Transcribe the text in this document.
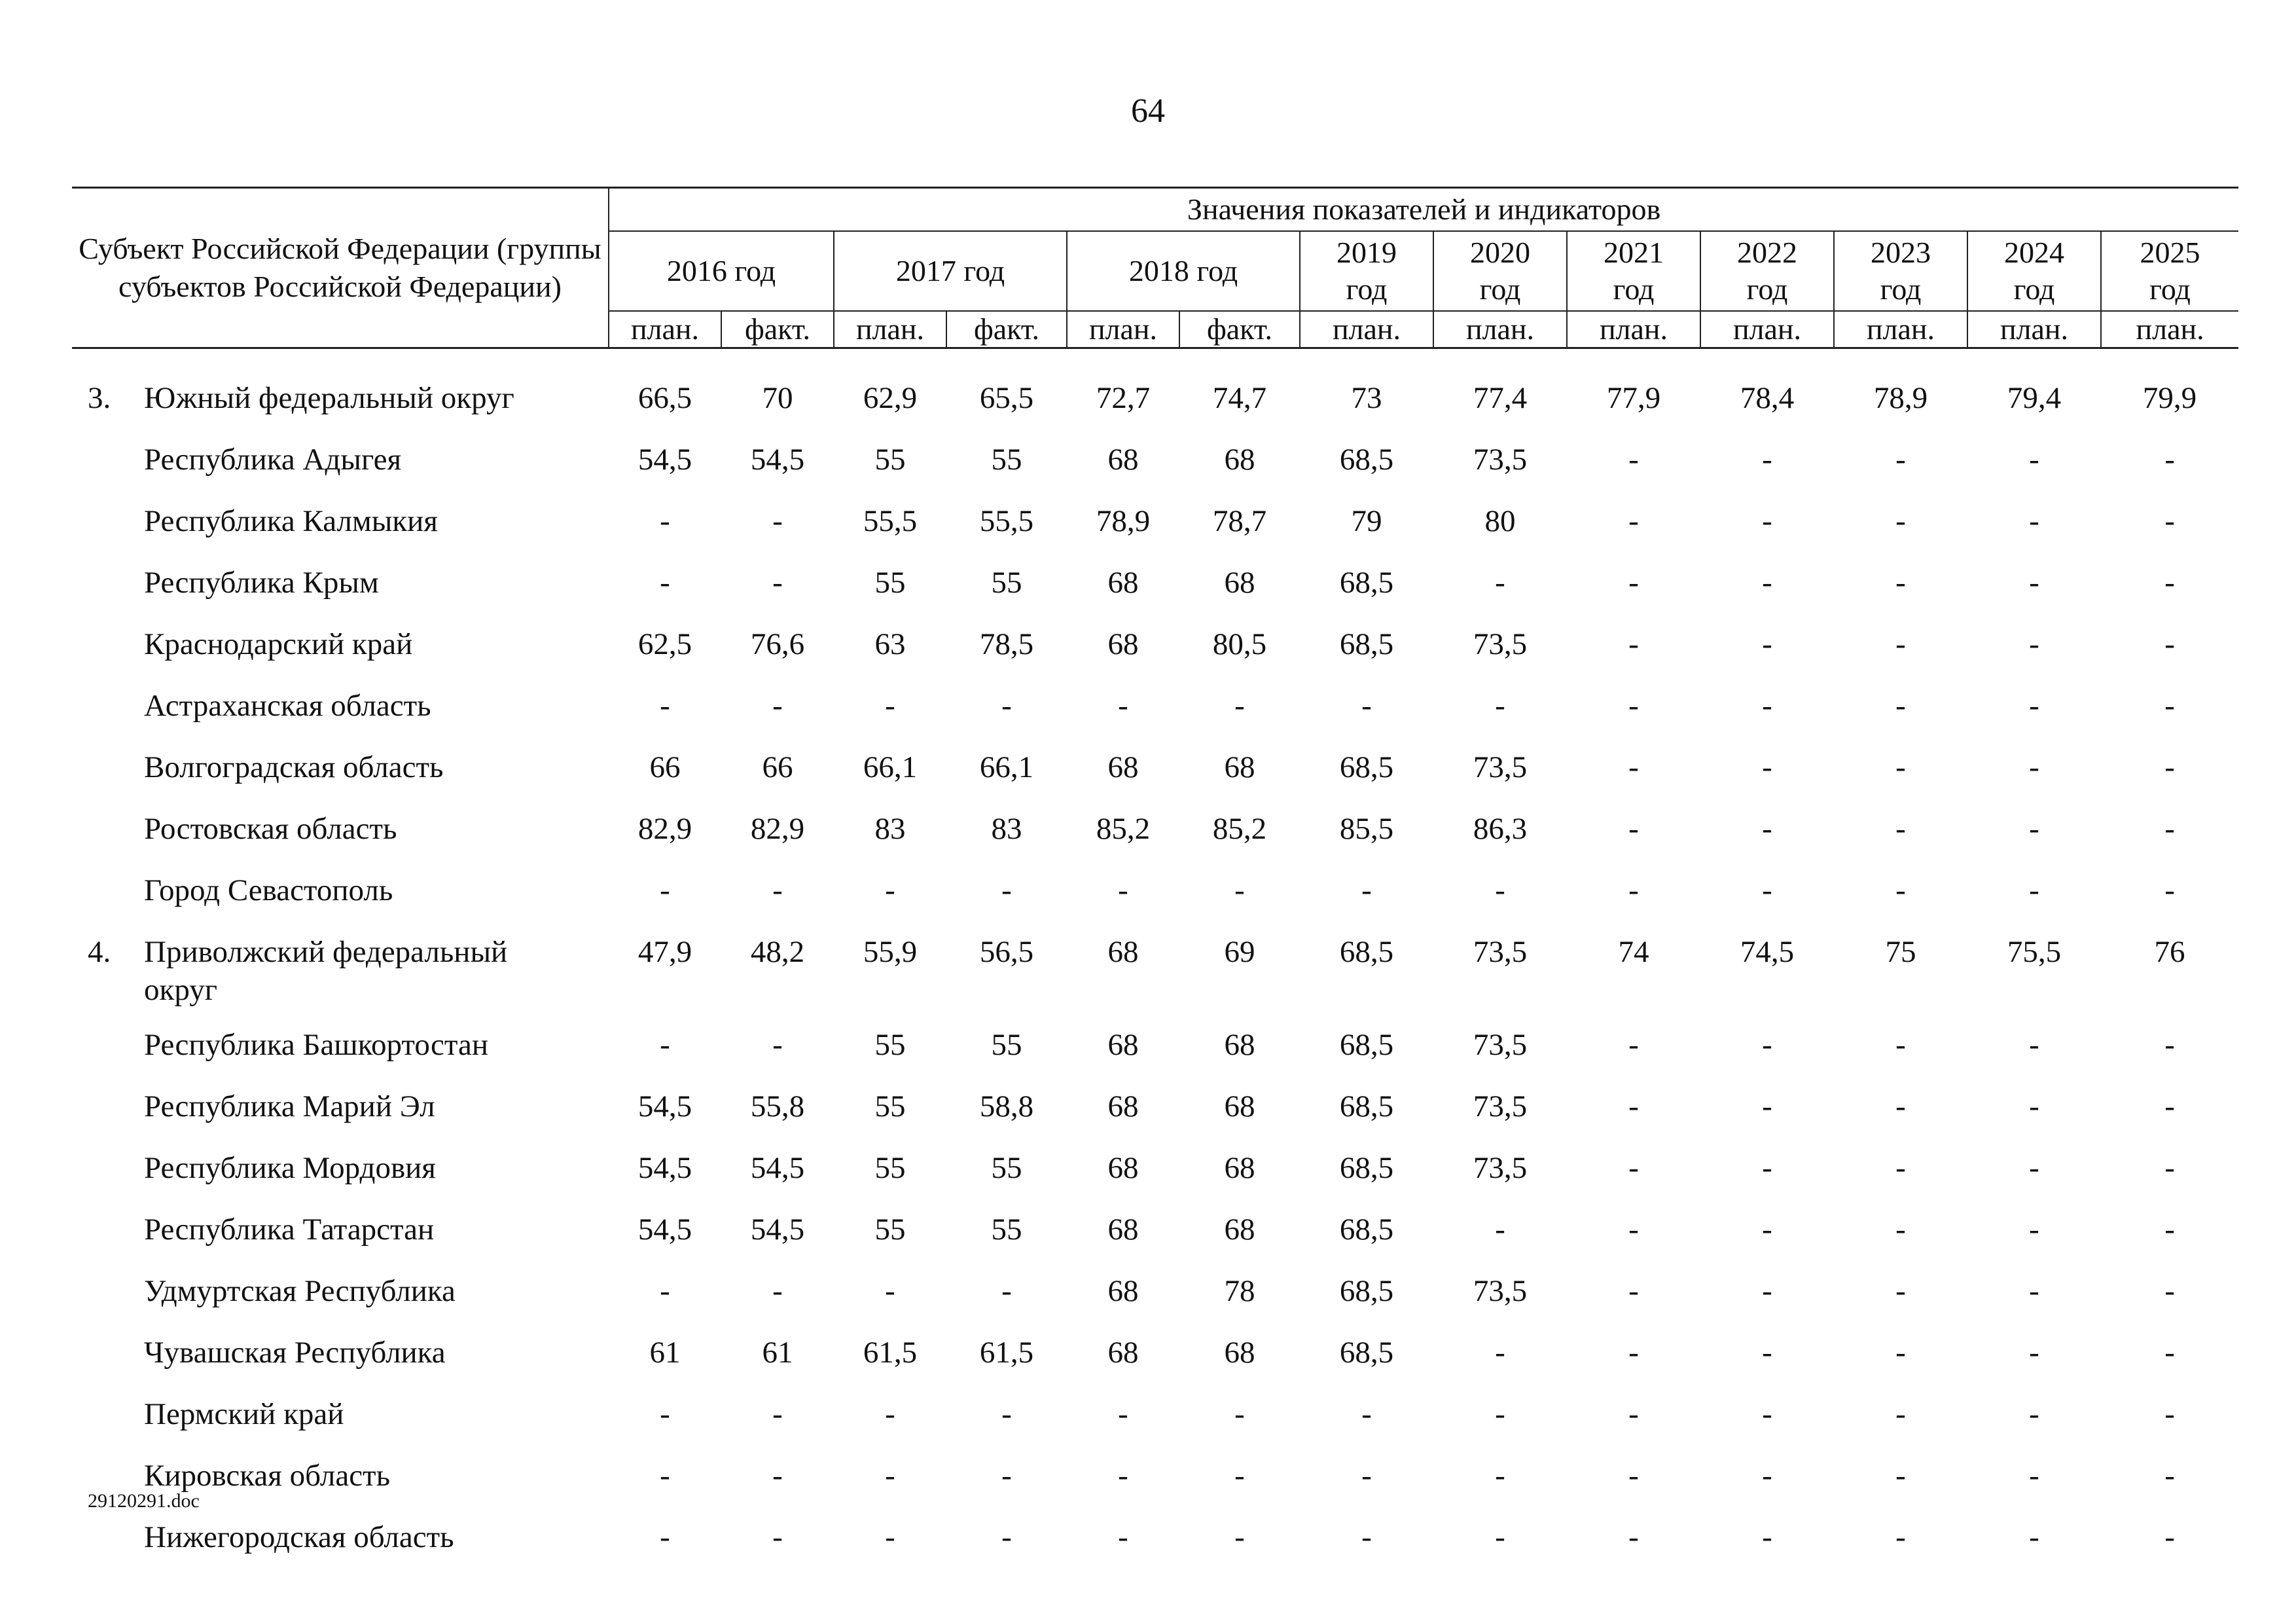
64
Субъект Российской Федерации (группы субъектов Российской Федерации)		Значения показателей и индикаторов												
		2016 год		2017 год		2018 год		2019
год	2020
год	2021
год	2022
год	2023
год	2024
год	2025
год

		план.	факт.	план.	факт.	план.	факт.	план.	план.	план.	план.	план.	план.	план.

3.	Южный федеральный округ	66,5	70	62,9	65,5	72,7	74,7	73	77,4	77,9	78,4	78,9	79,4	79,9
	Республика Адыгея	54,5	54,5	55	55	68	68	68,5	73,5	-	-	-	-	-
	Республика Калмыкия	-	-	55,5	55,5	78,9	78,7	79	80	-	-	-	-	-
	Республика Крым	-	-	55	55	68	68	68,5	-	-	-	-	-	-
	Краснодарский край	62,5	76,6	63	78,5	68	80,5	68,5	73,5	-	-	-	-	-
	Астраханская область	-	-	-	-	-	-	-	-	-	-	-	-	-
	Волгоградская область	66	66	66,1	66,1	68	68	68,5	73,5	-	-	-	-	-
	Ростовская область	82,9	82,9	83	83	85,2	85,2	85,5	86,3	-	-	-	-	-
	Город Севастополь	-	-	-	-	-	-	-	-	-	-	-	-	-
4.	Приволжский федеральный
округ	47,9	48,2	55,9	56,5	68	69	68,5	73,5	74	74,5	75	75,5	76
	Республика Башкортостан	-	-	55	55	68	68	68,5	73,5	-	-	-	-	-
	Республика Марий Эл	54,5	55,8	55	58,8	68	68	68,5	73,5	-	-	-	-	-
	Республика Мордовия	54,5	54,5	55	55	68	68	68,5	73,5	-	-	-	-	-
	Республика Татарстан	54,5	54,5	55	55	68	68	68,5	-	-	-	-	-	-
	Удмуртская Республика	-	-	-	-	68	78	68,5	73,5	-	-	-	-	-
	Чувашская Республика	61	61	61,5	61,5	68	68	68,5	-	-	-	-	-	-
	Пермский край	-	-	-	-	-	-	-	-	-	-	-	-	-
	Кировская область	-	-	-	-	-	-	-	-	-	-	-	-	-
	Нижегородская область	-	-	-	-	-	-	-	-	-	-	-	-	-
29120291.doc
